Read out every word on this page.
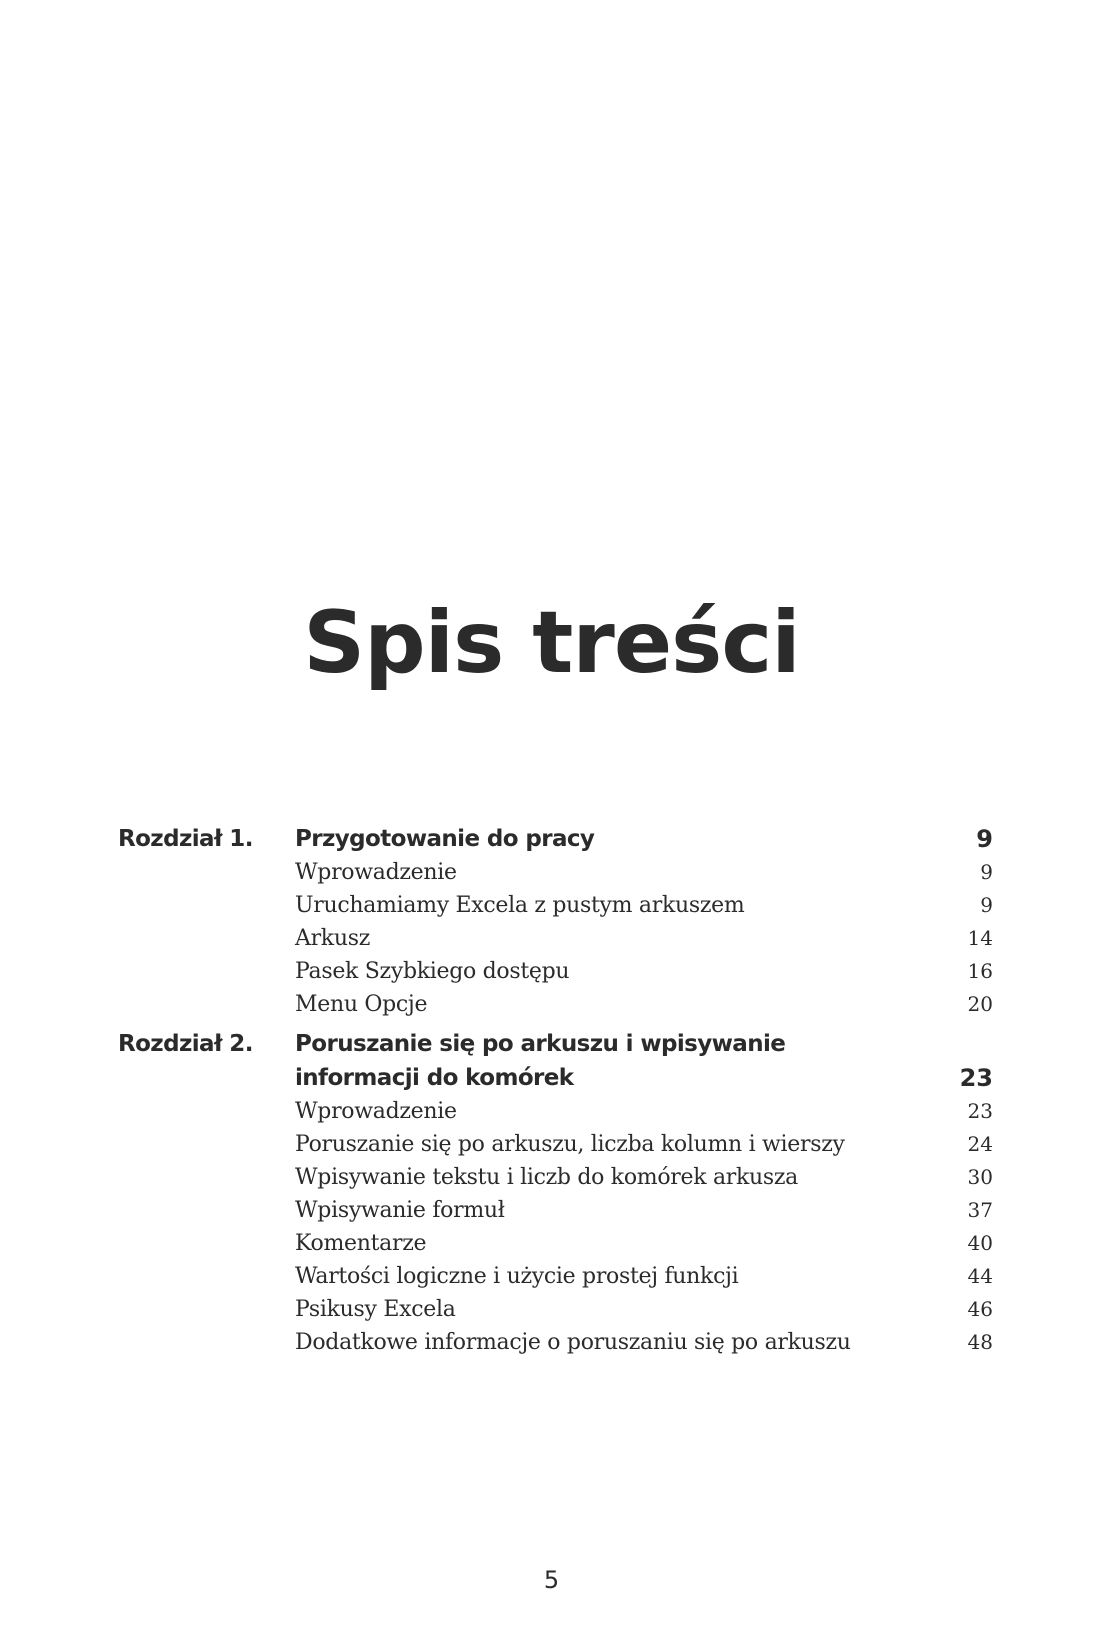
Spis treści
Rozdział 1. Przygotowanie do pracy	9
Wprowadzenie	9
Uruchamiamy Excela z pustym arkuszem	9
Arkusz	14
Pasek Szybkiego dostępu	16
Menu Opcje	20
Rozdział 2. Poruszanie się po arkuszu i wpisywanie
informacji do komórek	23
Wprowadzenie	23
Poruszanie się po arkuszu, liczba kolumn i wierszy	24
Wpisywanie tekstu i liczb do komórek arkusza	30
Wpisywanie formuł	37
Komentarze	40
Wartości logiczne i użycie prostej funkcji	44
Psikusy Excela	46
Dodatkowe informacje o poruszaniu się po arkuszu	48
5
